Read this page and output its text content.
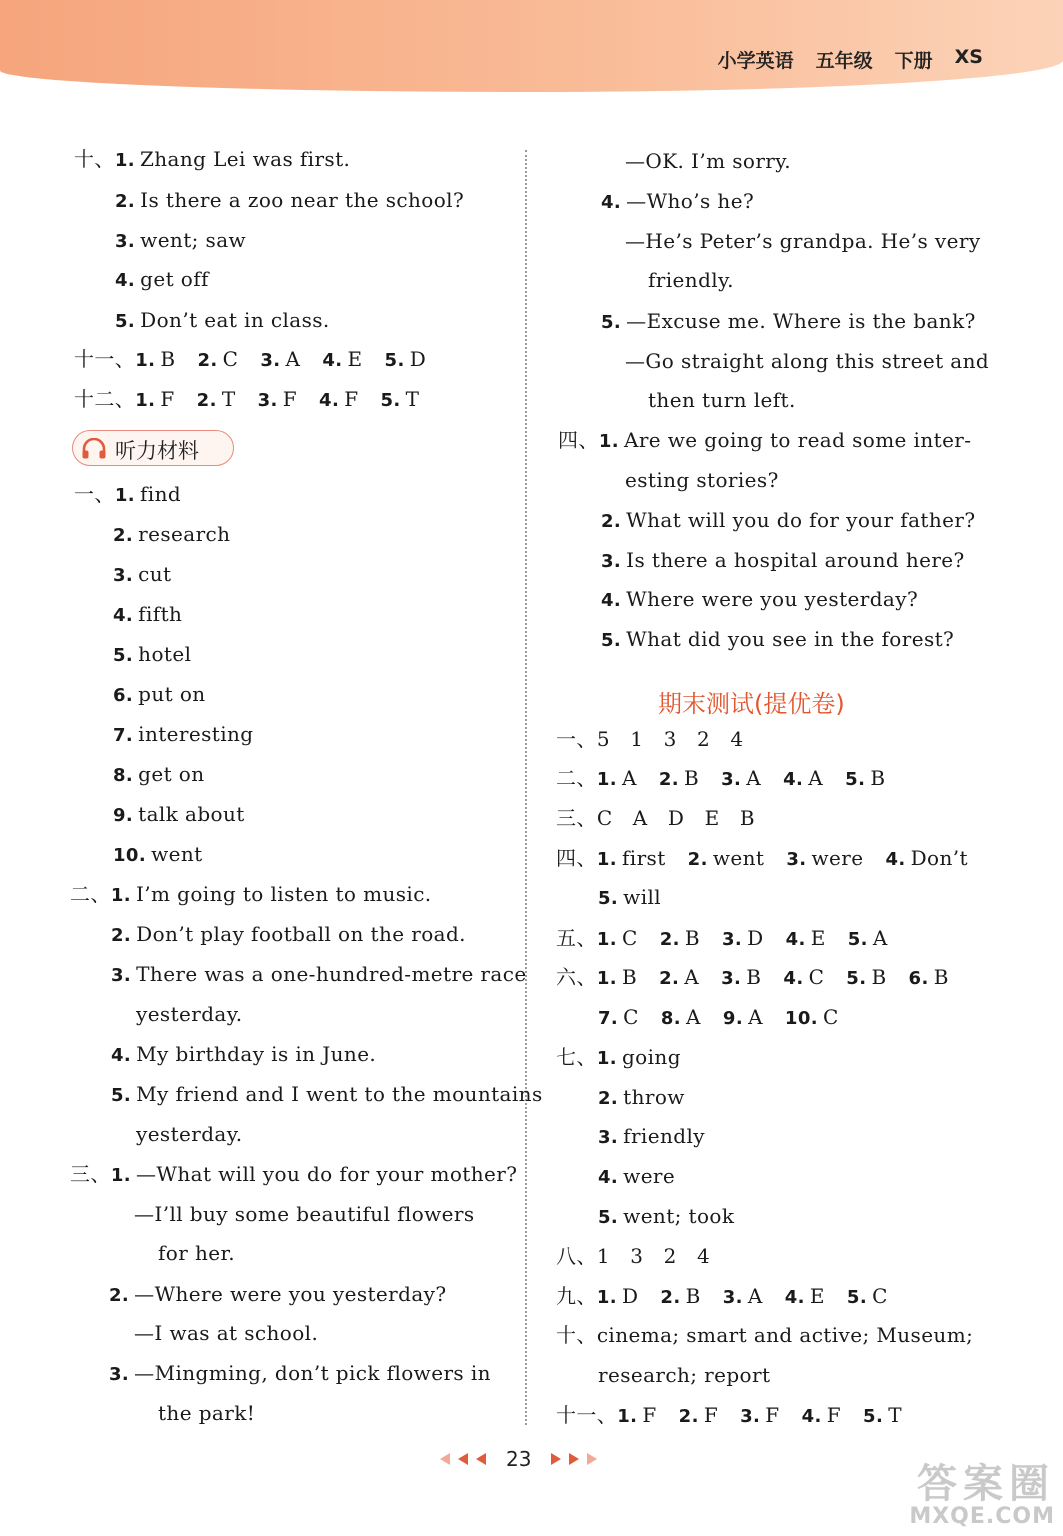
小学英语 五年级 下册 XS
十、1. Zhang Lei was first.
2. Is there a zoo near the school?
3. went; saw
4. get off
5. Don’t eat in class.
十一、1. B 2. C 3. A 4. E 5. D
十二、1. F 2. T 3. F 4. F 5. T
听力材料
一、1. find
2. research
3. cut
4. fifth
5. hotel
6. put on
7. interesting
8. get on
9. talk about
10. went
二、1. I’m going to listen to music.
2. Don’t play football on the road.
3. There was a one-hundred-metre race
yesterday.
4. My birthday is in June.
5. My friend and I went to the mountains
yesterday.
三、1. —What will you do for your mother?
—I’ll buy some beautiful flowers
for her.
2. —Where were you yesterday?
—I was at school.
3. —Mingming, don’t pick flowers in
the park!
—OK. I’m sorry.
4. —Who’s he?
—He’s Peter’s grandpa. He’s very
friendly.
5. —Excuse me. Where is the bank?
—Go straight along this street and
then turn left.
四、1. Are we going to read some inter-
esting stories?
2. What will you do for your father?
3. Is there a hospital around here?
4. Where were you yesterday?
5. What did you see in the forest?
期末测试(提优卷)
一、5   1   3   2   4
二、1. A 2. B 3. A 4. A 5. B
三、C   A   D   E   B
四、1. first 2. went 3. were 4. Don’t
5. will
五、1. C 2. B 3. D 4. E 5. A
六、1. B 2. A 3. B 4. C 5. B 6. B
7. C 8. A 9. A 10. C
七、1. going
2. throw
3. friendly
4. were
5. went; took
八、1   3   2   4
九、1. D 2. B 3. A 4. E 5. C
十、cinema; smart and active; Museum;
research; report
十一、1. F 2. F 3. F 4. F 5. T
23
答案圈
MXQE.COM
